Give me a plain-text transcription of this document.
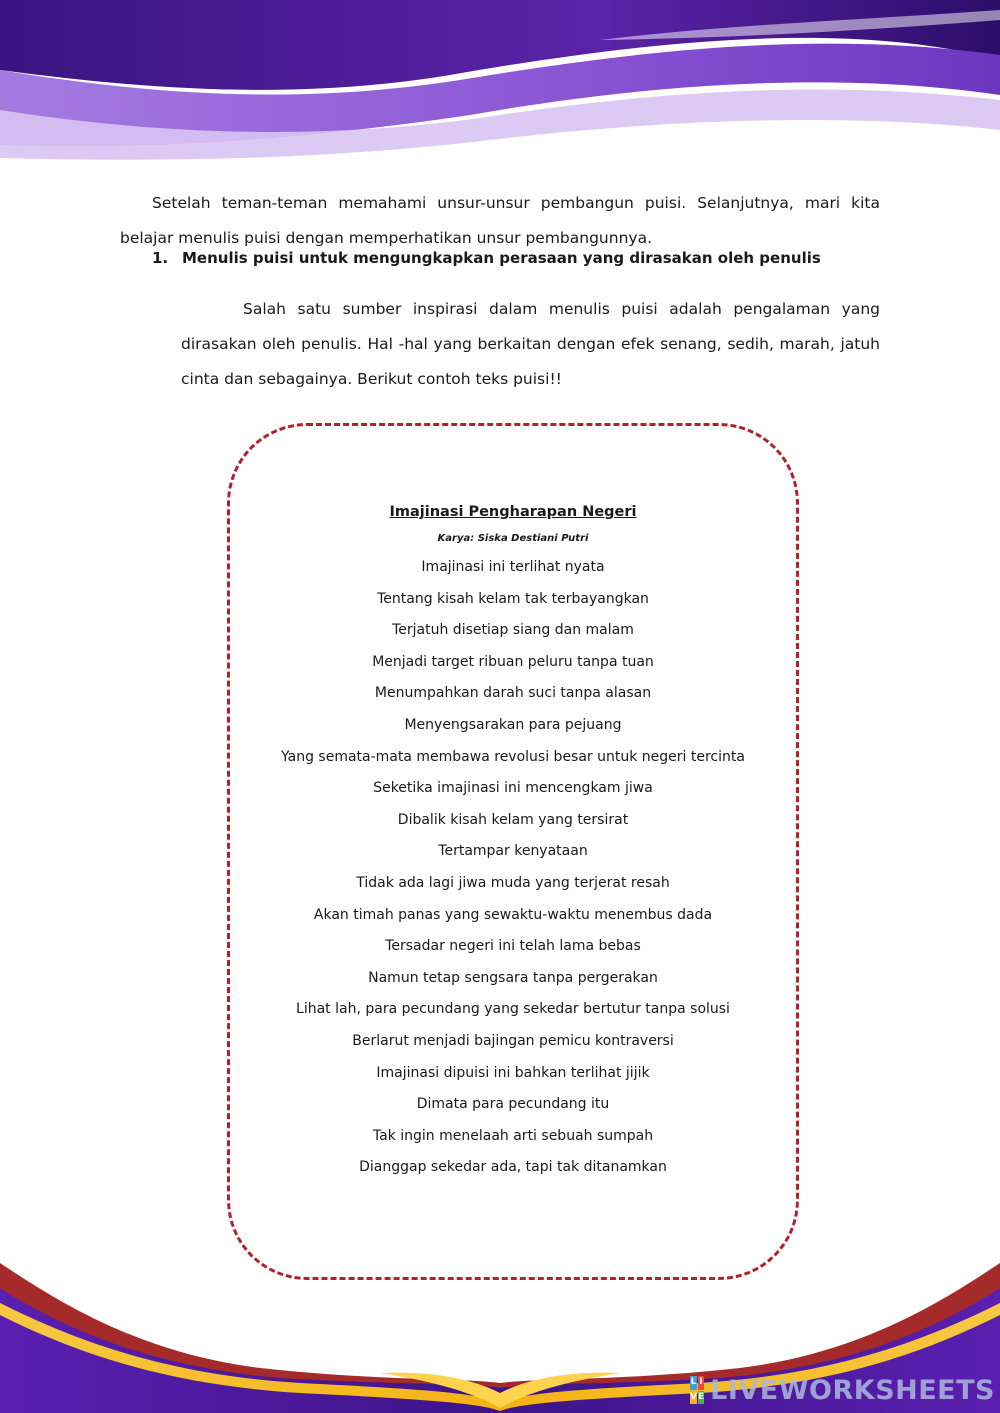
Setelah teman-teman memahami unsur-unsur pembangun puisi. Selanjutnya, mari kita belajar menulis puisi dengan memperhatikan unsur pembangunnya.

1. Menulis puisi untuk mengungkapkan perasaan yang dirasakan oleh penulis

Salah satu sumber inspirasi dalam menulis puisi adalah pengalaman yang dirasakan oleh penulis. Hal -hal yang berkaitan dengan efek senang, sedih, marah, jatuh cinta dan sebagainya. Berikut contoh teks puisi!!

Imajinasi Pengharapan Negeri
Karya: Siska Destiani Putri

Imajinasi ini terlihat nyata

Tentang kisah kelam tak terbayangkan

Terjatuh disetiap siang dan malam

Menjadi target ribuan peluru tanpa tuan

Menumpahkan darah suci tanpa alasan

Menyengsarakan para pejuang

Yang semata-mata membawa revolusi besar untuk negeri tercinta

Seketika imajinasi ini mencengkam jiwa

Dibalik kisah kelam yang tersirat

Tertampar kenyataan

Tidak ada lagi jiwa muda yang terjerat resah

Akan timah panas yang sewaktu-waktu menembus dada

Tersadar negeri ini telah lama bebas

Namun tetap sengsara tanpa pergerakan

Lihat lah, para pecundang yang sekedar bertutur tanpa solusi

Berlarut menjadi bajingan pemicu kontraversi

Imajinasi dipuisi ini bahkan terlihat jijik

Dimata para pecundang itu

Tak ingin menelaah arti sebuah sumpah

Dianggap sekedar ada, tapi tak ditanamkan

L I
V E LIVEWORKSHEETS
